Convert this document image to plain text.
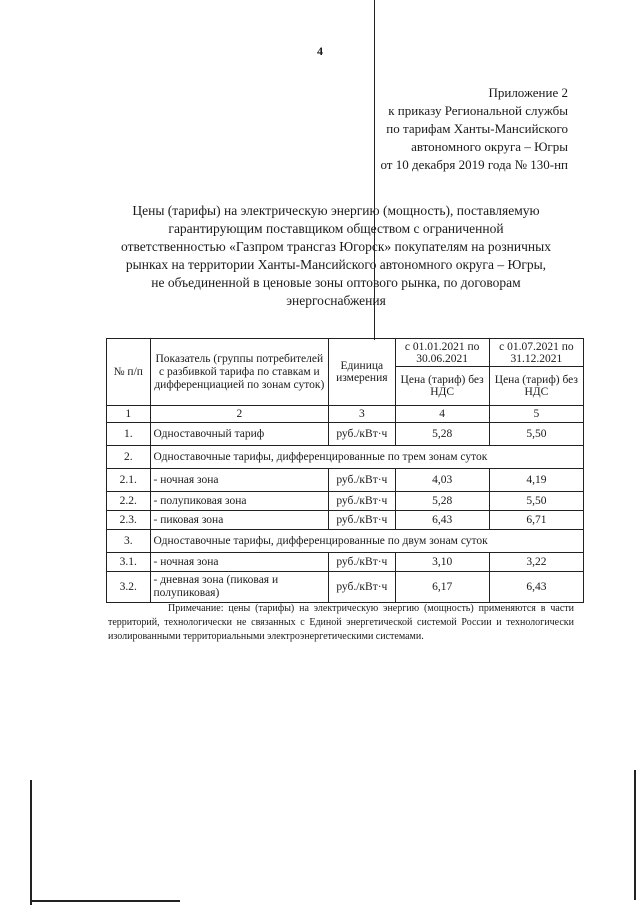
4
Приложение 2
к приказу Региональной службы
по тарифам Ханты-Мансийского
автономного округа – Югры
от 10 декабря 2019 года № 130-нп
Цены (тарифы) на электрическую энергию (мощность), поставляемую
гарантирующим поставщиком обществом с ограниченной
ответственностью «Газпром трансгаз Югорск» покупателям на розничных
рынках на территории Ханты-Мансийского автономного округа – Югры,
не объединенной в ценовые зоны оптового рынка, по договорам
энергоснабжения
№ п/п	Показатель (группы потребителей с разбивкой тарифа по ставкам и дифференциацией по зонам суток)	Единица измерения	с 01.01.2021 по 30.06.2021	с 01.07.2021 по 31.12.2021
			Цена (тариф) без НДС	Цена (тариф) без НДС
1	2	3	4	5
1.	Одноставочный тариф	руб./кВт·ч	5,28	5,50
2.	Одноставочные тарифы, дифференцированные по трем зонам суток			
2.1.	- ночная зона	руб./кВт·ч	4,03	4,19
2.2.	- полупиковая зона	руб./кВт·ч	5,28	5,50
2.3.	- пиковая зона	руб./кВт·ч	6,43	6,71
3.	Одноставочные тарифы, дифференцированные по двум зонам суток			
3.1.	- ночная зона	руб./кВт·ч	3,10	3,22
3.2.	- дневная зона (пиковая и полупиковая)	руб./кВт·ч	6,17	6,43
Примечание: цены (тарифы) на электрическую энергию (мощность) применяются в части территорий, технологически не связанных с Единой энергетической системой России и технологически изолированными территориальными электроэнергетическими системами.
